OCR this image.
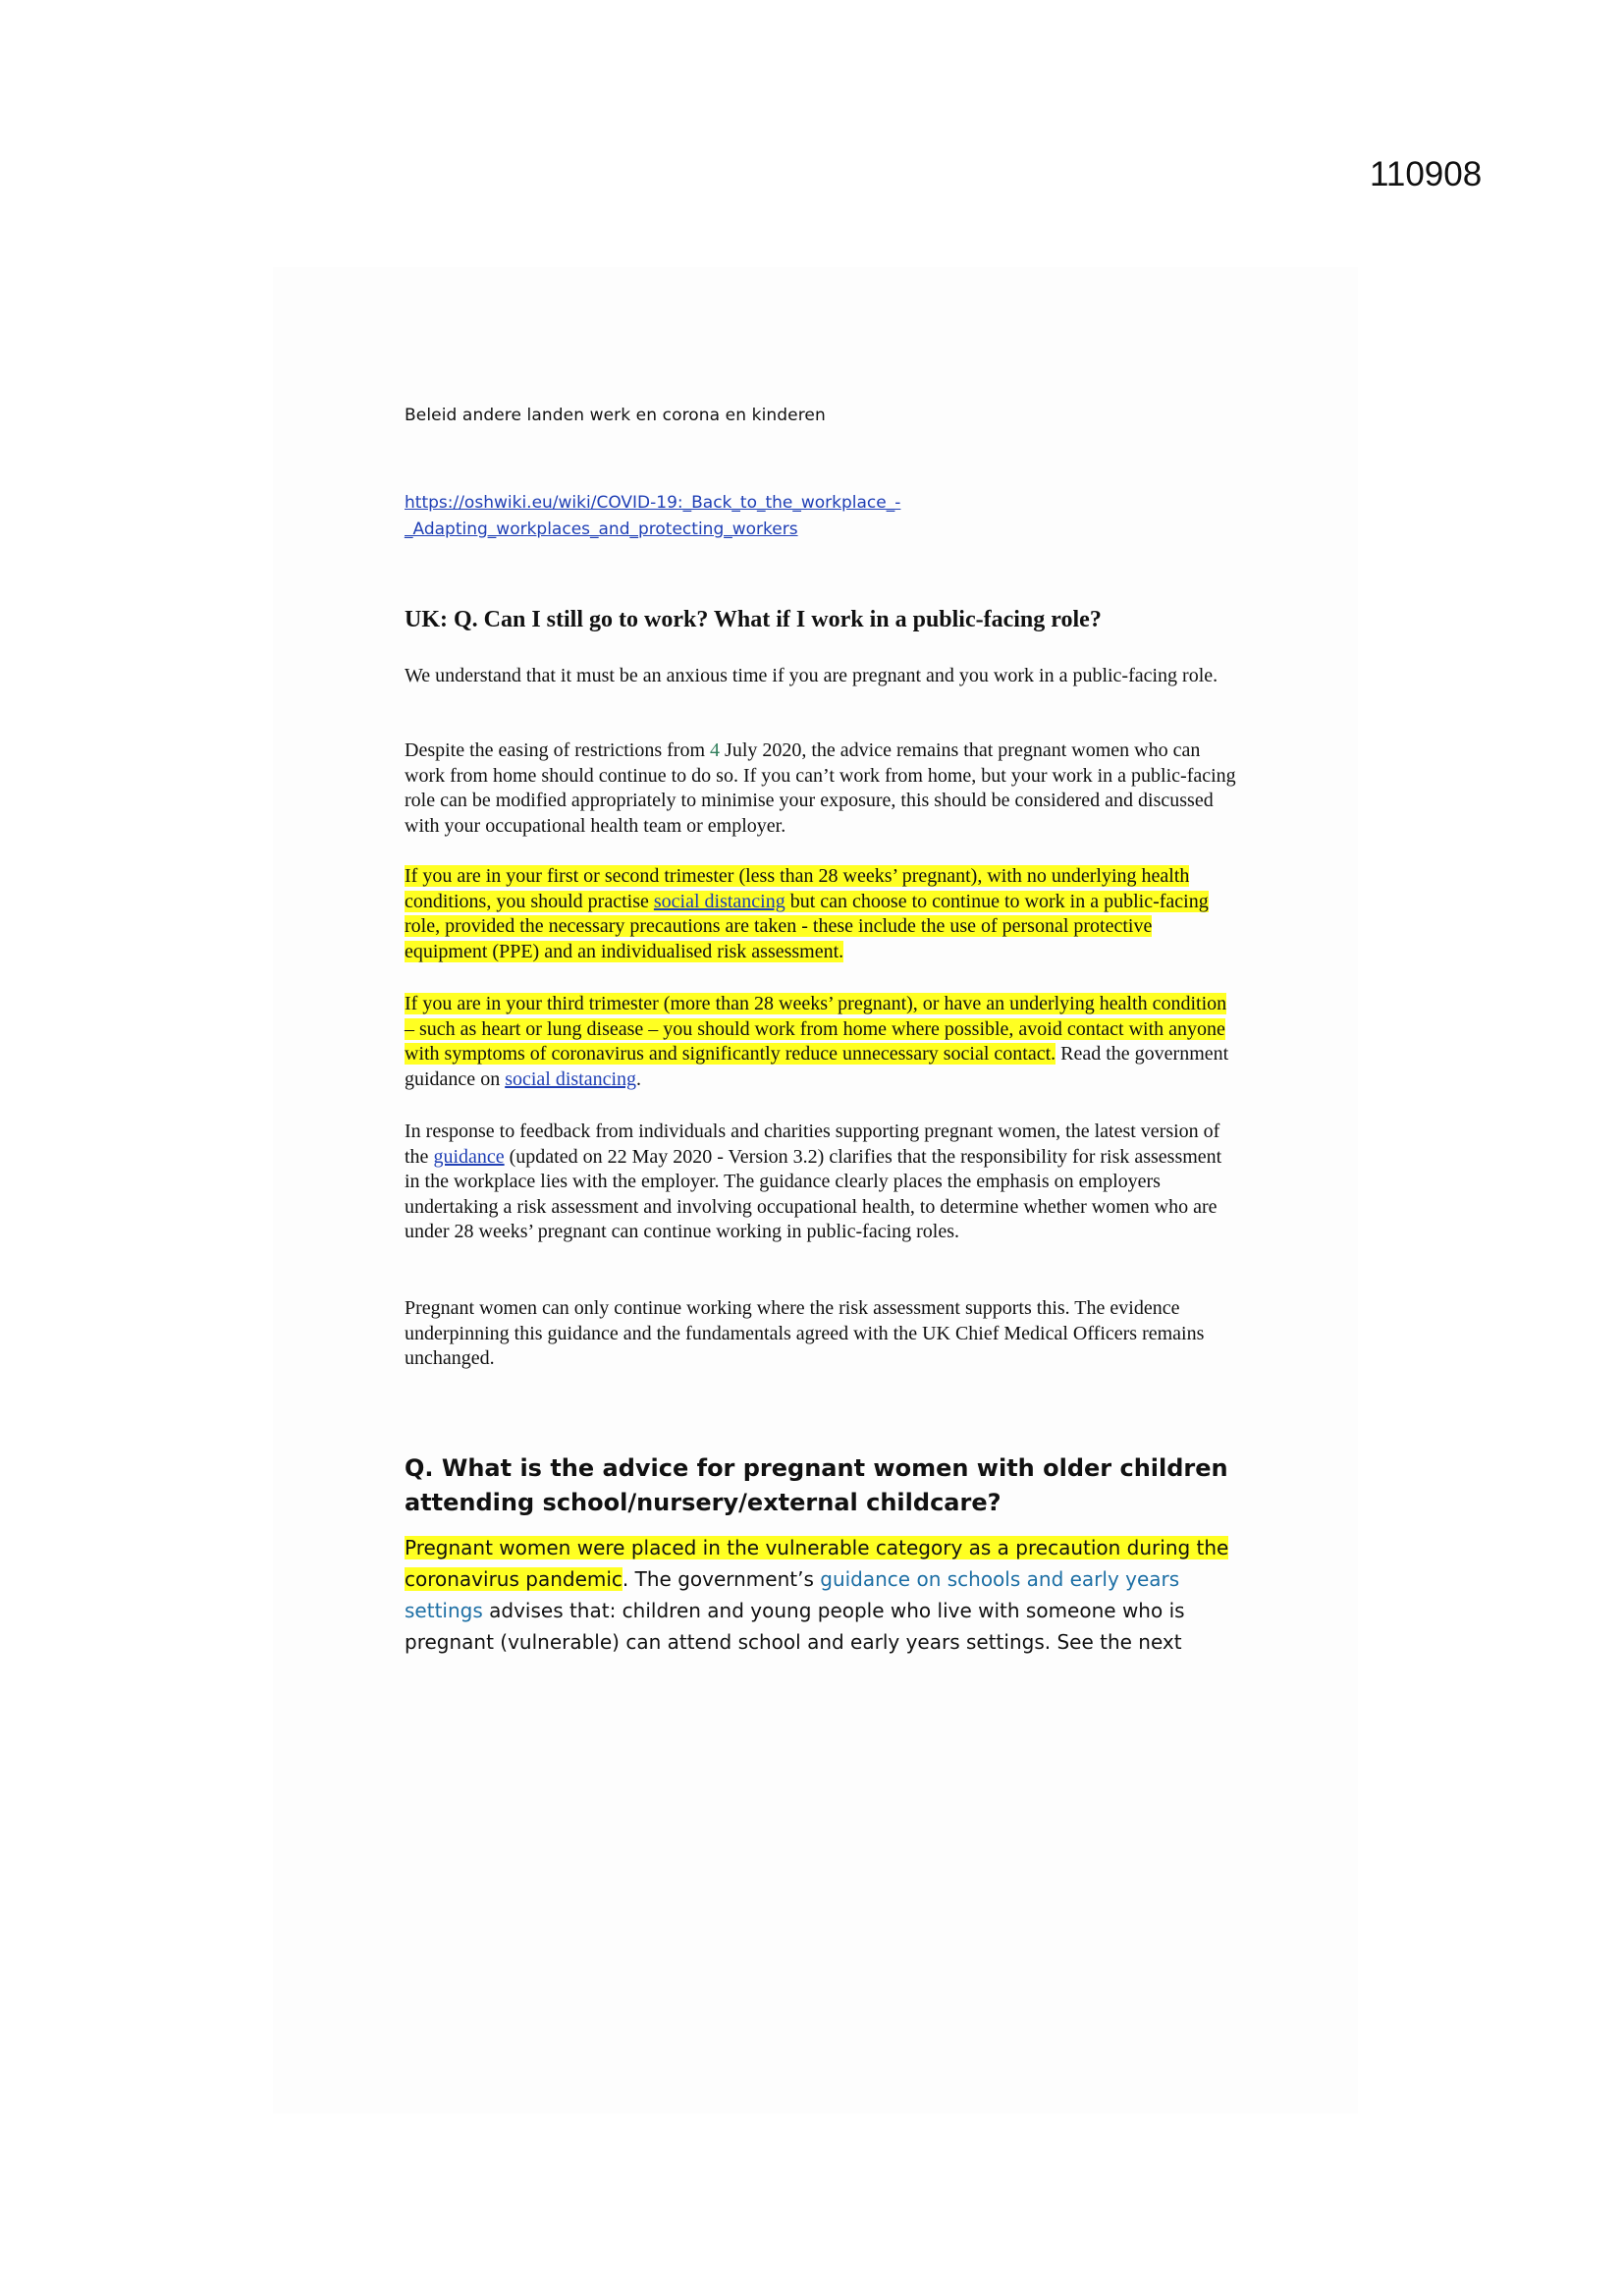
110908
Beleid andere landen werk en corona en kinderen
https://oshwiki.eu/wiki/COVID-19:_Back_to_the_workplace_-
_Adapting_workplaces_and_protecting_workers
UK: Q. Can I still go to work? What if I work in a public-facing role?

We understand that it must be an anxious time if you are pregnant and you work in a public-facing role.

Despite the easing of restrictions from 4 July 2020, the advice remains that pregnant women who can work from home should continue to do so. If you can’t work from home, but your work in a public-facing role can be modified appropriately to minimise your exposure, this should be considered and discussed with your occupational health team or employer.

If you are in your first or second trimester (less than 28 weeks’ pregnant), with no underlying health conditions, you should practise social distancing but can choose to continue to work in a public-facing role, provided the necessary precautions are taken - these include the use of personal protective equipment (PPE) and an individualised risk assessment.

If you are in your third trimester (more than 28 weeks’ pregnant), or have an underlying health condition – such as heart or lung disease – you should work from home where possible, avoid contact with anyone with symptoms of coronavirus and significantly reduce unnecessary social contact. Read the government guidance on social distancing.

In response to feedback from individuals and charities supporting pregnant women, the latest version of the guidance (updated on 22 May 2020 - Version 3.2) clarifies that the responsibility for risk assessment in the workplace lies with the employer. The guidance clearly places the emphasis on employers undertaking a risk assessment and involving occupational health, to determine whether women who are under 28 weeks’ pregnant can continue working in public-facing roles.

Pregnant women can only continue working where the risk assessment supports this. The evidence underpinning this guidance and the fundamentals agreed with the UK Chief Medical Officers remains unchanged.

Q. What is the advice for pregnant women with older children attending school/nursery/external childcare?

Pregnant women were placed in the vulnerable category as a precaution during the coronavirus pandemic. The government’s guidance on schools and early years settings advises that: children and young people who live with someone who is pregnant (vulnerable) can attend school and early years settings. See the next
